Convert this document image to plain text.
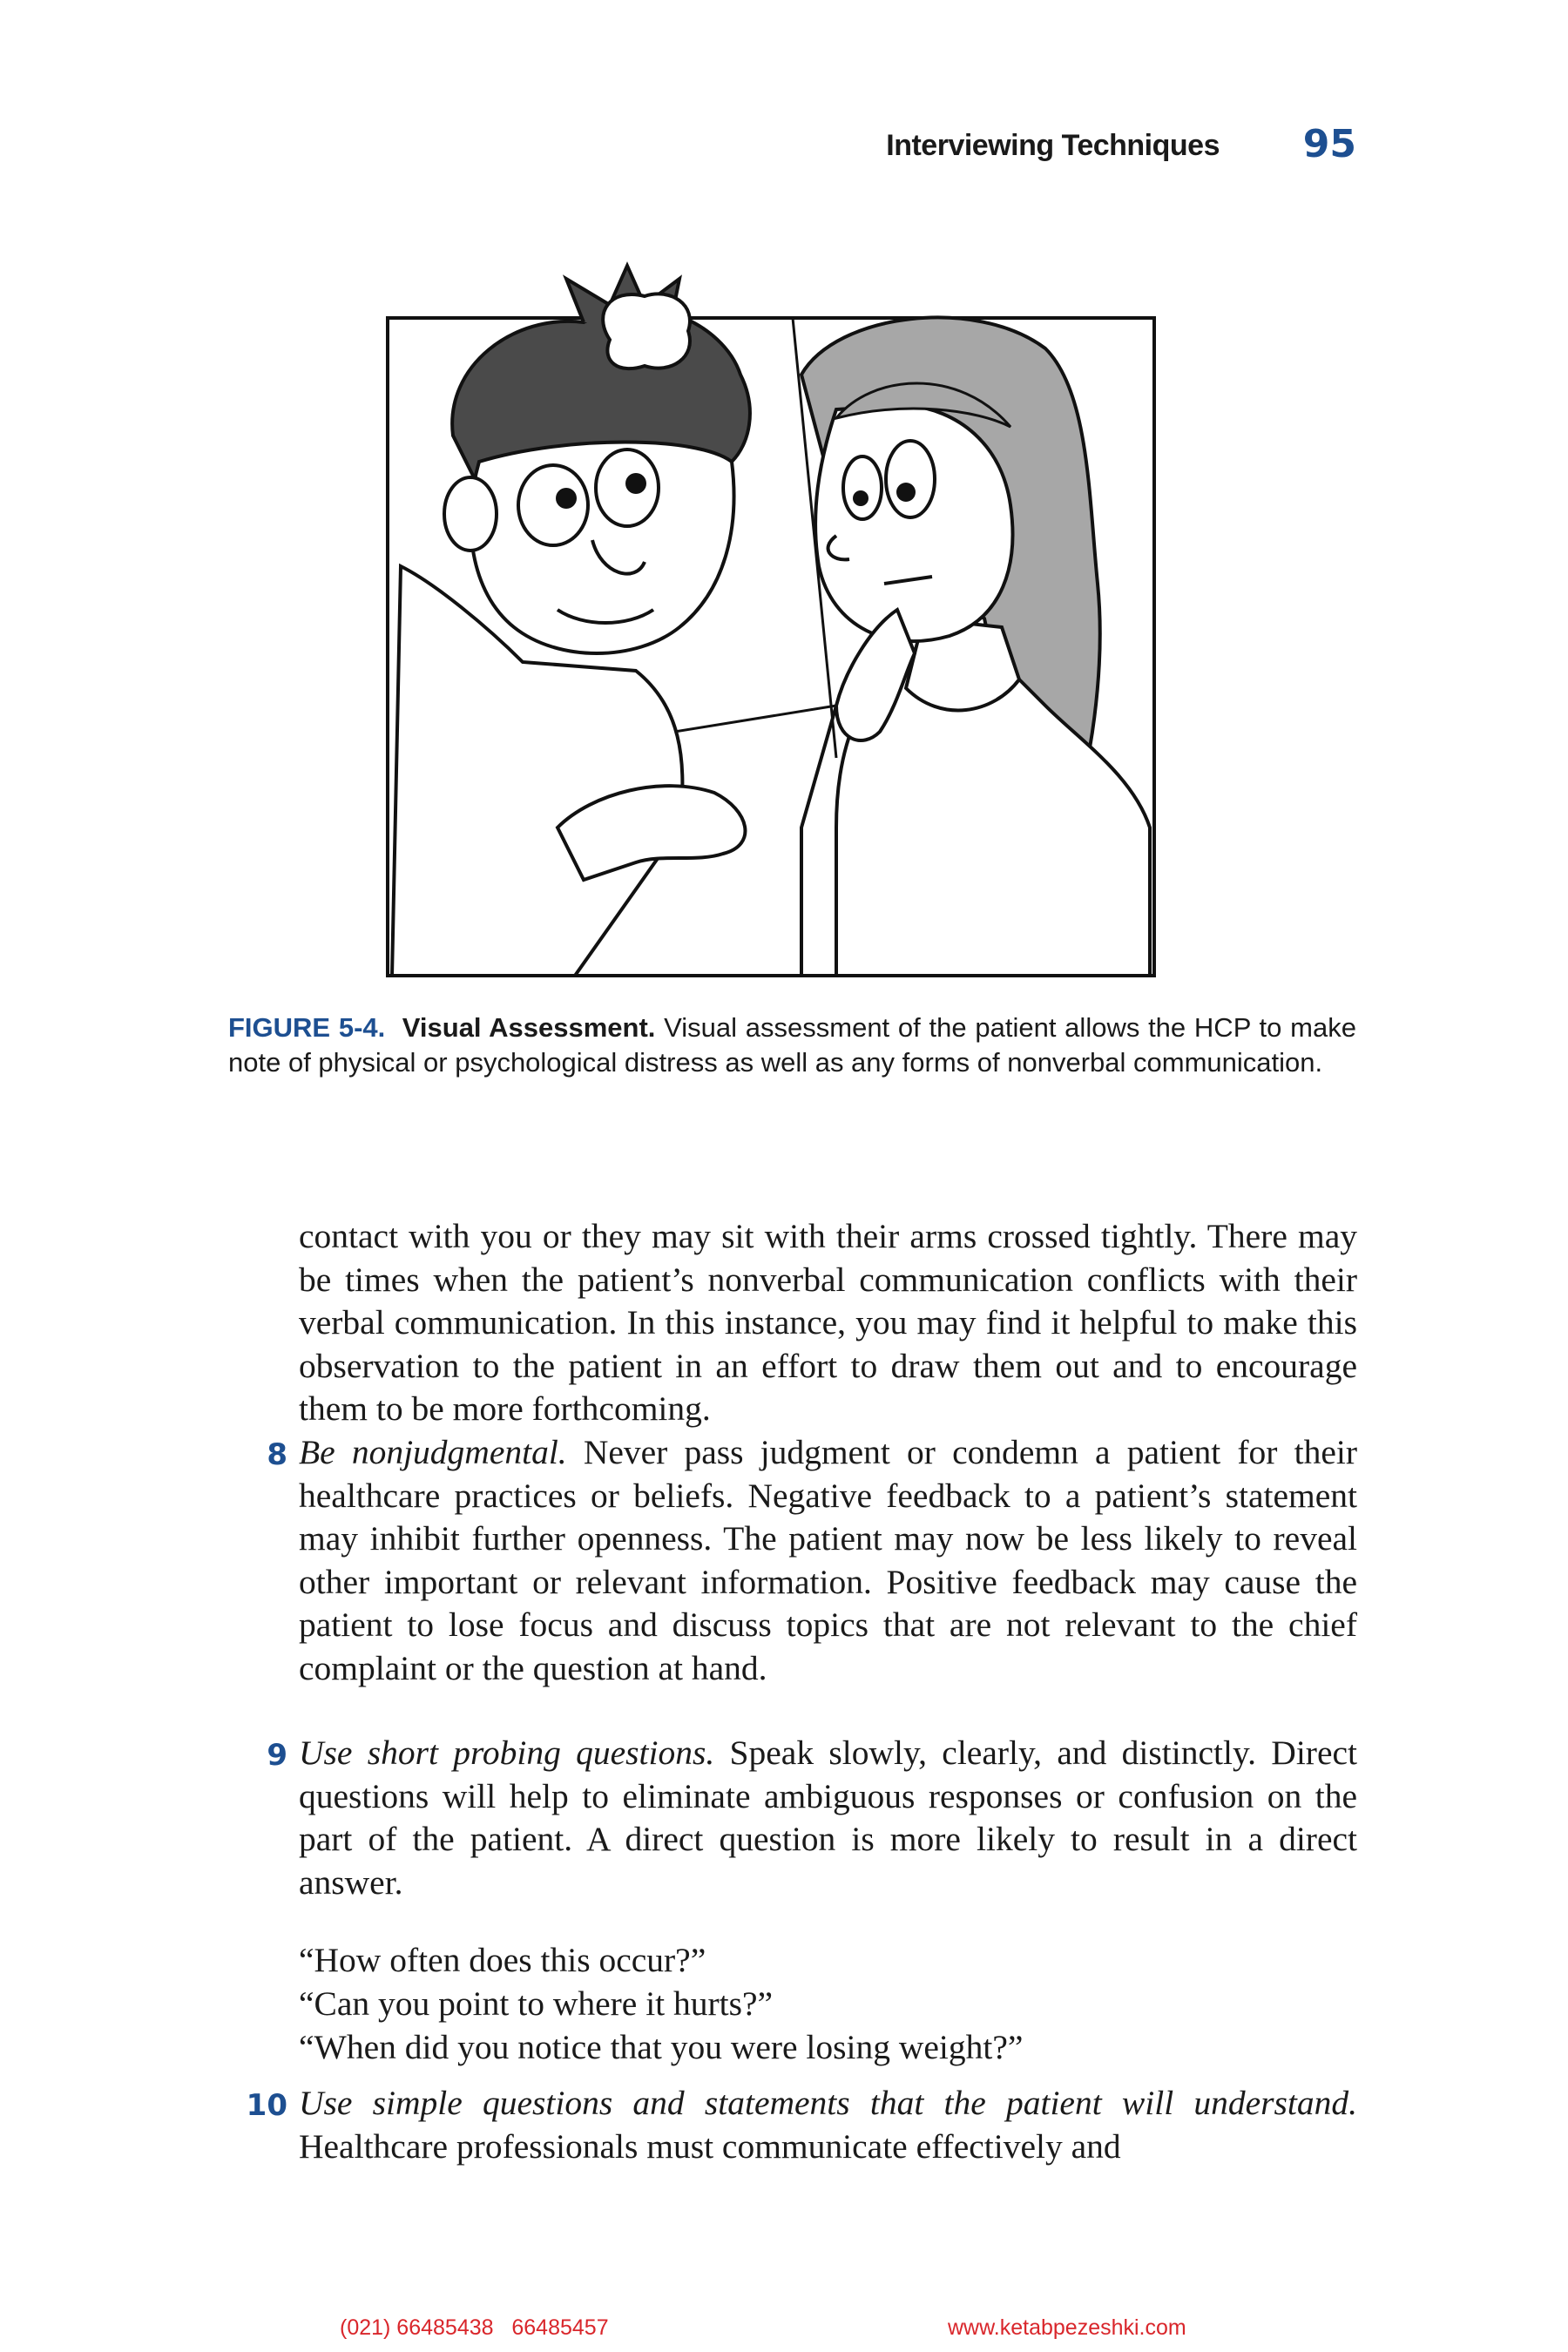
Interviewing Techniques 95
FIGURE 5-4. Visual Assessment. Visual assessment of the patient allows the HCP to make note of physical or psychological distress as well as any forms of nonverbal communication.
contact with you or they may sit with their arms crossed tightly. There may be times when the patient’s nonverbal communication conflicts with their verbal communication. In this instance, you may find it helpful to make this observation to the patient in an effort to draw them out and to encourage them to be more forthcoming.
8 Be nonjudgmental. Never pass judgment or condemn a patient for their healthcare practices or beliefs. Negative feedback to a patient’s statement may inhibit further openness. The patient may now be less likely to reveal other important or relevant information. Positive feedback may cause the patient to lose focus and discuss topics that are not relevant to the chief complaint or the question at hand.
9 Use short probing questions. Speak slowly, clearly, and distinctly. Direct questions will help to eliminate ambiguous responses or confusion on the part of the patient. A direct question is more likely to result in a direct answer.
“How often does this occur?”
“Can you point to where it hurts?”
“When did you notice that you were losing weight?”
10 Use simple questions and statements that the patient will understand. Healthcare professionals must communicate effectively and
(021) 66485438   66485457	www.ketabpezeshki.com
